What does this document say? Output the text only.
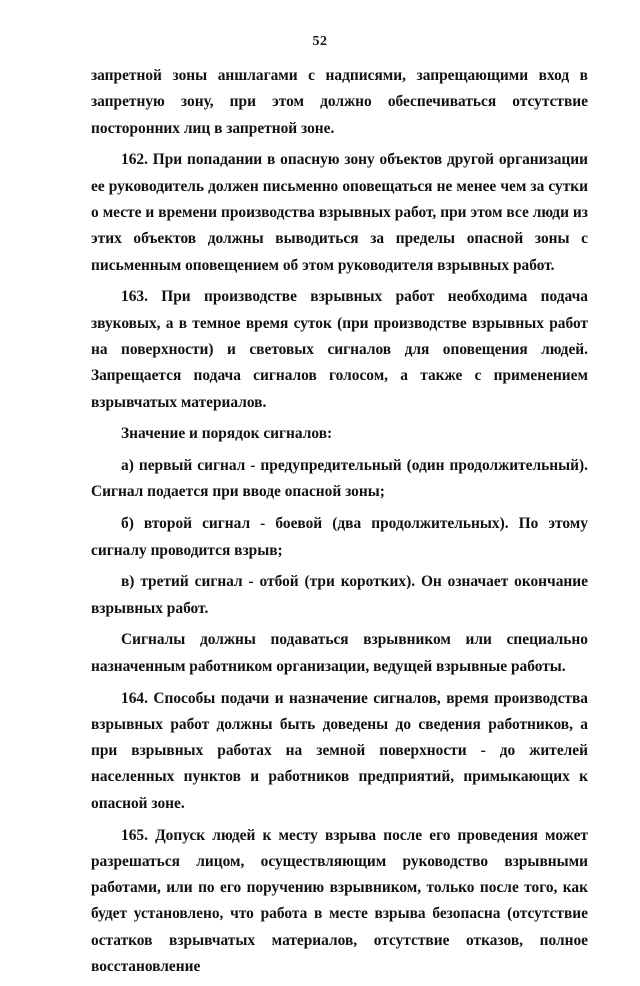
52

запретной зоны аншлагами с надписями, запрещающими вход в запретную зону, при этом должно обеспечиваться отсутствие посторонних лиц в запретной зоне.

162. При попадании в опасную зону объектов другой организации ее руководитель должен письменно оповещаться не менее чем за сутки о месте и времени производства взрывных работ, при этом все люди из этих объектов должны выводиться за пределы опасной зоны с письменным оповещением об этом руководителя взрывных работ.

163. При производстве взрывных работ необходима подача звуковых, а в темное время суток (при производстве взрывных работ на поверхности) и световых сигналов для оповещения людей. Запрещается подача сигналов голосом, а также с применением взрывчатых материалов.

Значение и порядок сигналов:

а) первый сигнал - предупредительный (один продолжительный). Сигнал подается при вводе опасной зоны;

б) второй сигнал - боевой (два продолжительных). По этому сигналу проводится взрыв;

в) третий сигнал - отбой (три коротких). Он означает окончание взрывных работ.

Сигналы должны подаваться взрывником или специально назначенным работником организации, ведущей взрывные работы.

164. Способы подачи и назначение сигналов, время производства взрывных работ должны быть доведены до сведения работников, а при взрывных работах на земной поверхности - до жителей населенных пунктов и работников предприятий, примыкающих к опасной зоне.

165. Допуск людей к месту взрыва после его проведения может разрешаться лицом, осуществляющим руководство взрывными работами, или по его поручению взрывником, только после того, как будет установлено, что работа в месте взрыва безопасна (отсутствие остатков взрывчатых материалов, отсутствие отказов, полное восстановление
